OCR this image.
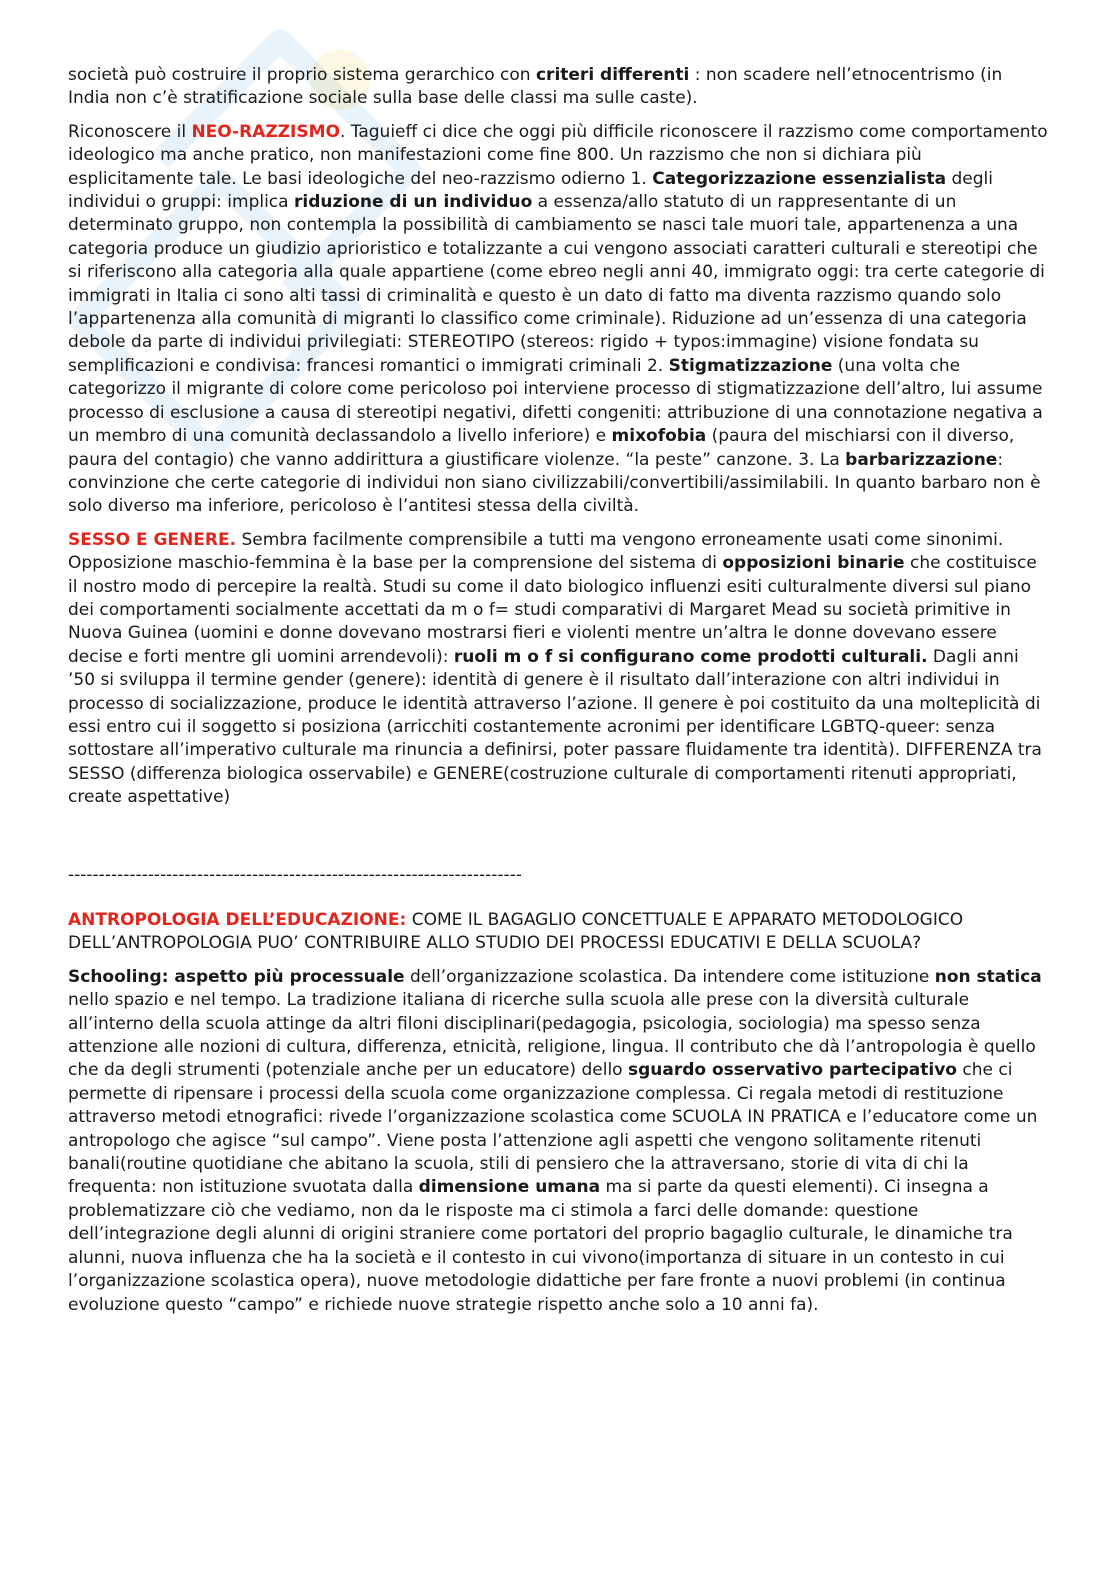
società può costruire il proprio sistema gerarchico con criteri differenti : non scadere nell’etnocentrismo (in India non c’è stratificazione sociale sulla base delle classi ma sulle caste).

Riconoscere il NEO-RAZZISMO. Taguieff ci dice che oggi più difficile riconoscere il razzismo come comportamento ideologico ma anche pratico, non manifestazioni come fine 800. Un razzismo che non si dichiara più esplicitamente tale. Le basi ideologiche del neo-razzismo odierno 1. Categorizzazione essenzialista degli individui o gruppi: implica riduzione di un individuo a essenza/allo statuto di un rappresentante di un determinato gruppo, non contempla la possibilità di cambiamento se nasci tale muori tale, appartenenza a una categoria produce un giudizio aprioristico e totalizzante a cui vengono associati caratteri culturali e stereotipi che si riferiscono alla categoria alla quale appartiene (come ebreo negli anni 40, immigrato oggi: tra certe categorie di immigrati in Italia ci sono alti tassi di criminalità e questo è un dato di fatto ma diventa razzismo quando solo l’appartenenza alla comunità di migranti lo classifico come criminale). Riduzione ad un’essenza di una categoria debole da parte di individui privilegiati: STEREOTIPO (stereos: rigido + typos:immagine) visione fondata su semplificazioni e condivisa: francesi romantici o immigrati criminali 2. Stigmatizzazione (una volta che categorizzo il migrante di colore come pericoloso poi interviene processo di stigmatizzazione dell’altro, lui assume processo di esclusione a causa di stereotipi negativi, difetti congeniti: attribuzione di una connotazione negativa a un membro di una comunità declassandolo a livello inferiore) e mixofobia (paura del mischiarsi con il diverso, paura del contagio) che vanno addirittura a giustificare violenze. “la peste” canzone. 3. La barbarizzazione: convinzione che certe categorie di individui non siano civilizzabili/convertibili/assimilabili. In quanto barbaro non è solo diverso ma inferiore, pericoloso è l’antitesi stessa della civiltà.

SESSO E GENERE. Sembra facilmente comprensibile a tutti ma vengono erroneamente usati come sinonimi. Opposizione maschio-femmina è la base per la comprensione del sistema di opposizioni binarie che costituisce il nostro modo di percepire la realtà. Studi su come il dato biologico influenzi esiti culturalmente diversi sul piano dei comportamenti socialmente accettati da m o f= studi comparativi di Margaret Mead su società primitive in Nuova Guinea (uomini e donne dovevano mostrarsi fieri e violenti mentre un’altra le donne dovevano essere decise e forti mentre gli uomini arrendevoli): ruoli m o f si configurano come prodotti culturali. Dagli anni ’50 si sviluppa il termine gender (genere): identità di genere è il risultato dall’interazione con altri individui in processo di socializzazione, produce le identità attraverso l’azione. Il genere è poi costituito da una molteplicità di essi entro cui il soggetto si posiziona (arricchiti costantemente acronimi per identificare LGBTQ-queer: senza sottostare all’imperativo culturale ma rinuncia a definirsi, poter passare fluidamente tra identità). DIFFERENZA tra SESSO (differenza biologica osservabile) e GENERE(costruzione culturale di comportamenti ritenuti appropriati, create aspettative)

--------------------------------------------------------------------------

ANTROPOLOGIA DELL’EDUCAZIONE: COME IL BAGAGLIO CONCETTUALE E APPARATO METODOLOGICO DELL’ANTROPOLOGIA PUO’ CONTRIBUIRE ALLO STUDIO DEI PROCESSI EDUCATIVI E DELLA SCUOLA?

Schooling: aspetto più processuale dell’organizzazione scolastica. Da intendere come istituzione non statica nello spazio e nel tempo. La tradizione italiana di ricerche sulla scuola alle prese con la diversità culturale all’interno della scuola attinge da altri filoni disciplinari(pedagogia, psicologia, sociologia) ma spesso senza attenzione alle nozioni di cultura, differenza, etnicità, religione, lingua. Il contributo che dà l’antropologia è quello che da degli strumenti (potenziale anche per un educatore) dello sguardo osservativo partecipativo che ci permette di ripensare i processi della scuola come organizzazione complessa. Ci regala metodi di restituzione attraverso metodi etnografici: rivede l’organizzazione scolastica come SCUOLA IN PRATICA e l’educatore come un antropologo che agisce “sul campo”. Viene posta l’attenzione agli aspetti che vengono solitamente ritenuti banali(routine quotidiane che abitano la scuola, stili di pensiero che la attraversano, storie di vita di chi la frequenta: non istituzione svuotata dalla dimensione umana ma si parte da questi elementi). Ci insegna a problematizzare ciò che vediamo, non da le risposte ma ci stimola a farci delle domande: questione dell’integrazione degli alunni di origini straniere come portatori del proprio bagaglio culturale, le dinamiche tra alunni, nuova influenza che ha la società e il contesto in cui vivono(importanza di situare in un contesto in cui l’organizzazione scolastica opera), nuove metodologie didattiche per fare fronte a nuovi problemi (in continua evoluzione questo “campo” e richiede nuove strategie rispetto anche solo a 10 anni fa).
